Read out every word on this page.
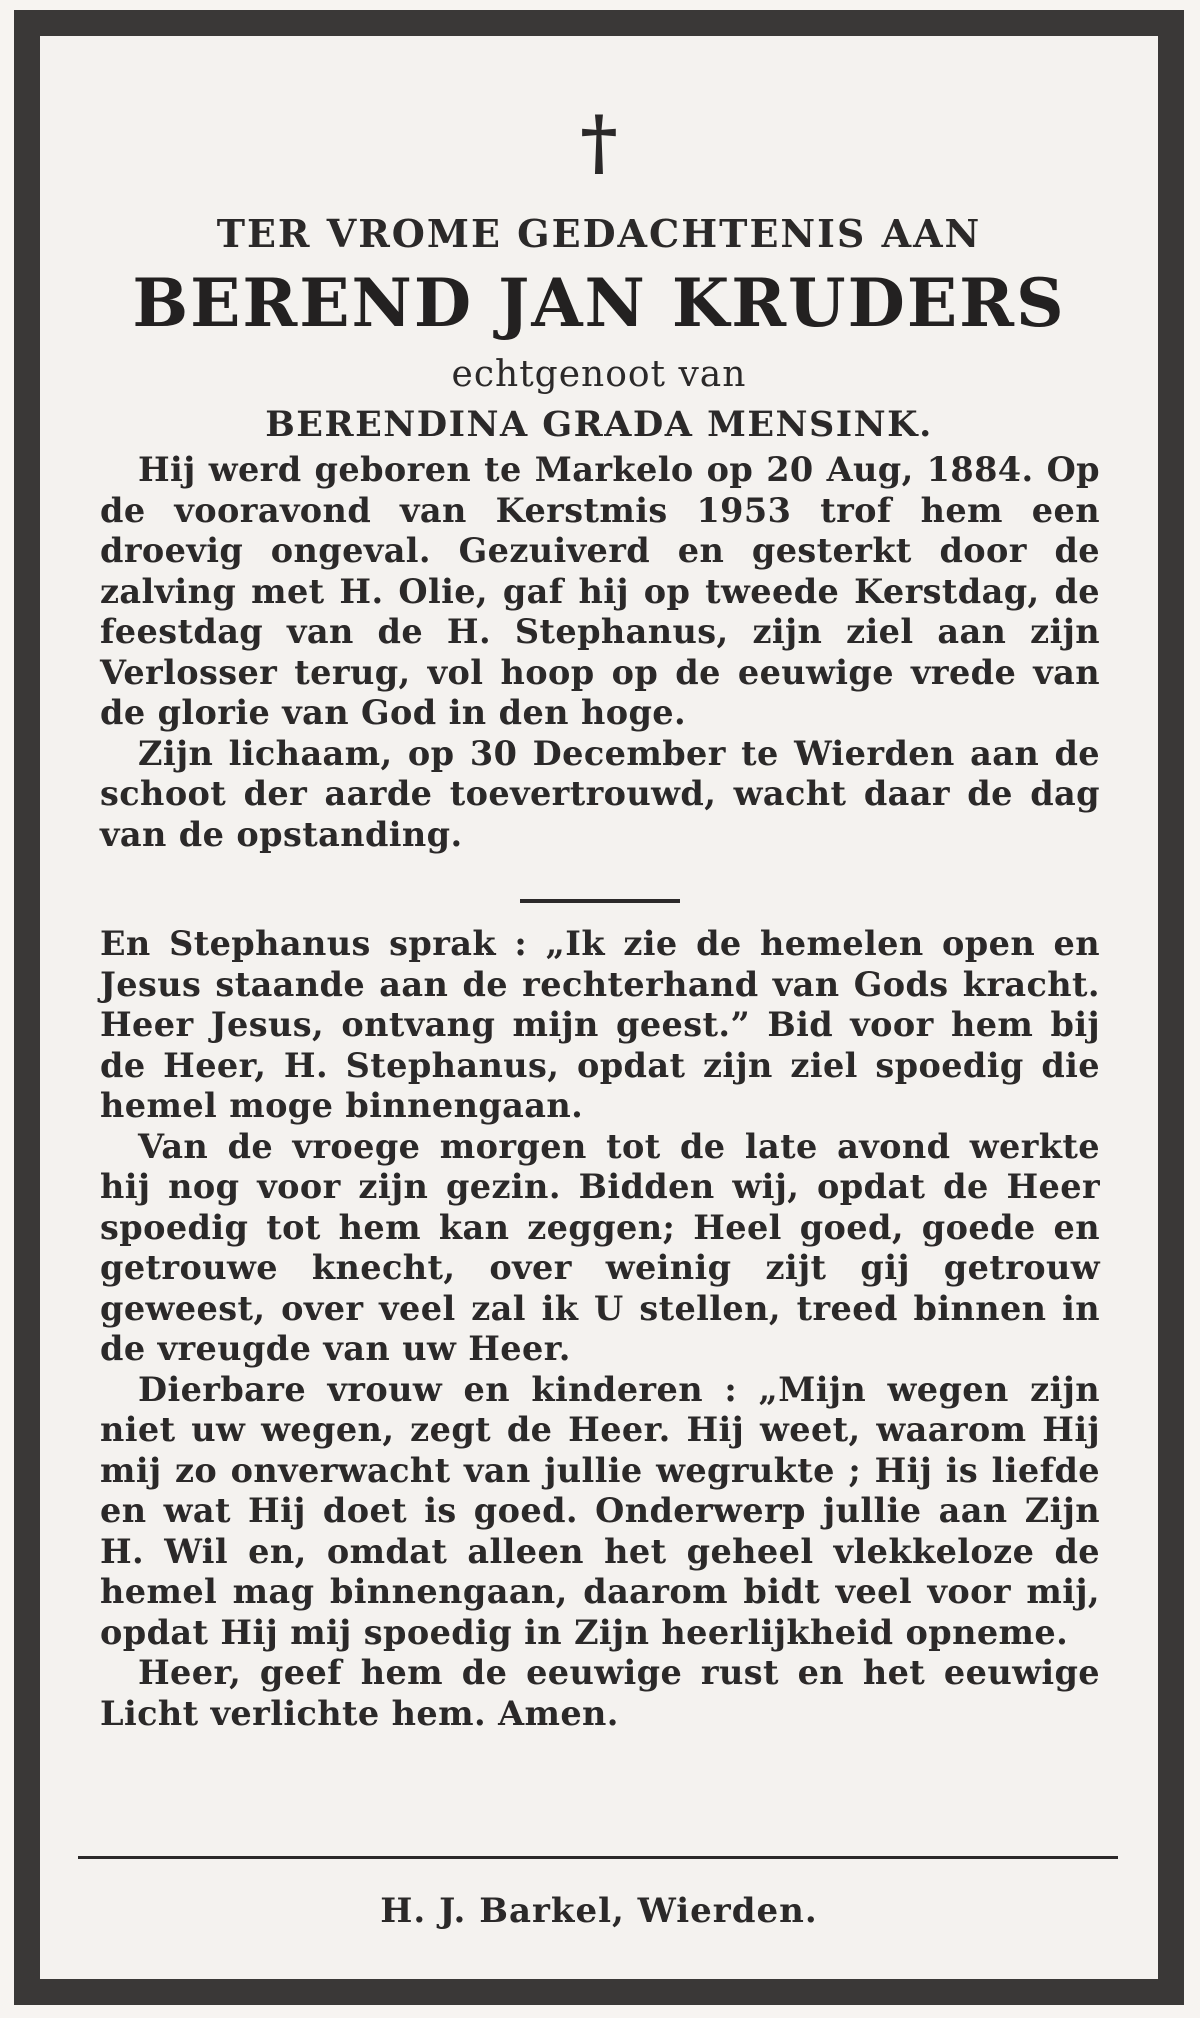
†
TER VROME GEDACHTENIS AAN
BEREND JAN KRUDERS
echtgenoot van
BERENDINA GRADA MENSINK.

Hij werd geboren te Markelo op 20 Aug, 1884. Op de vooravond van Kerstmis 1953 trof hem een droevig ongeval. Gezuiverd en gesterkt door de zalving met H. Olie, gaf hij op tweede Kerstdag, de feestdag van de H. Stephanus, zijn ziel aan zijn Verlosser terug, vol hoop op de eeuwige vrede van de glorie van God in den hoge.

Zijn lichaam, op 30 December te Wierden aan de schoot der aarde toevertrouwd, wacht daar de dag van de opstanding.

En Stephanus sprak : „Ik zie de hemelen open en Jesus staande aan de rechterhand van Gods kracht. Heer Jesus, ontvang mijn geest.” Bid voor hem bij de Heer, H. Stephanus, opdat zijn ziel spoedig die hemel moge binnengaan.

Van de vroege morgen tot de late avond werkte hij nog voor zijn gezin. Bidden wij, opdat de Heer spoedig tot hem kan zeggen; Heel goed, goede en getrouwe knecht, over weinig zijt gij getrouw geweest, over veel zal ik U stellen, treed binnen in de vreugde van uw Heer.

Dierbare vrouw en kinderen : „Mijn wegen zijn niet uw wegen, zegt de Heer. Hij weet, waarom Hij mij zo onverwacht van jullie wegrukte ; Hij is liefde en wat Hij doet is goed. Onderwerp jullie aan Zijn H. Wil en, omdat alleen het geheel vlekkeloze de hemel mag binnengaan, daarom bidt veel voor mij, opdat Hij mij spoedig in Zijn heerlijkheid opneme.

Heer, geef hem de eeuwige rust en het eeuwige Licht verlichte hem. Amen.

H. J. Barkel, Wierden.
